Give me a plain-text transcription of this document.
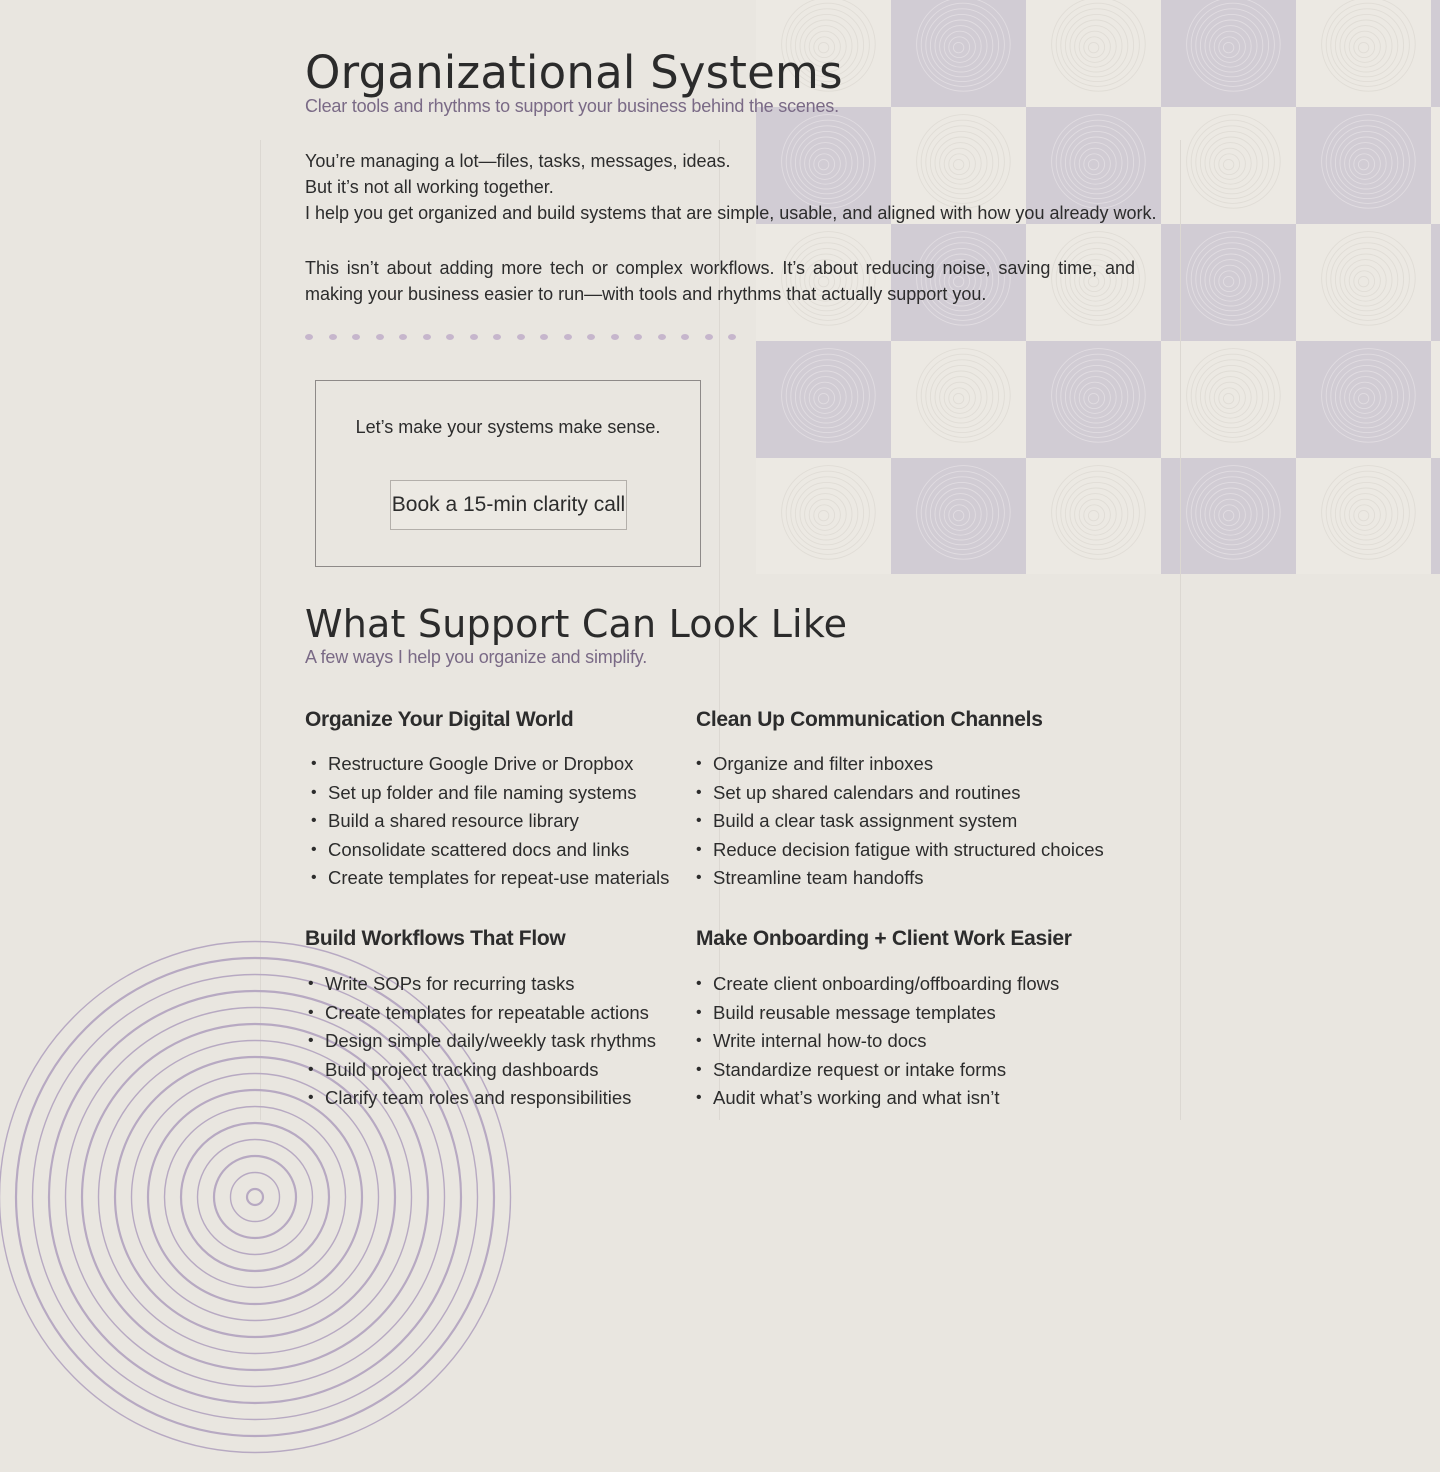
Organizational Systems

Clear tools and rhythms to support your business behind the scenes.

You’re managing a lot—files, tasks, messages, ideas.

But it’s not all working together.

I help you get organized and build systems that are simple, usable, and aligned with how you already work.

This isn’t about adding more tech or complex workflows. It’s about reducing noise, saving time, and making your business easier to run—with tools and rhythms that actually support you.

Let’s make your systems make sense.
Book a 15-min clarity call
What Support Can Look Like

A few ways I help you organize and simplify.

Organize Your Digital World
• Restructure Google Drive or Dropbox
• Set up folder and file naming systems
• Build a shared resource library
• Consolidate scattered docs and links
• Create templates for repeat-use materials
Clean Up Communication Channels
• Organize and filter inboxes
• Set up shared calendars and routines
• Build a clear task assignment system
• Reduce decision fatigue with structured choices
• Streamline team handoffs
Build Workflows That Flow
• Write SOPs for recurring tasks
• Create templates for repeatable actions
• Design simple daily/weekly task rhythms
• Build project tracking dashboards
• Clarify team roles and responsibilities
Make Onboarding + Client Work Easier
• Create client onboarding/offboarding flows
• Build reusable message templates
• Write internal how-to docs
• Standardize request or intake forms
• Audit what’s working and what isn’t
